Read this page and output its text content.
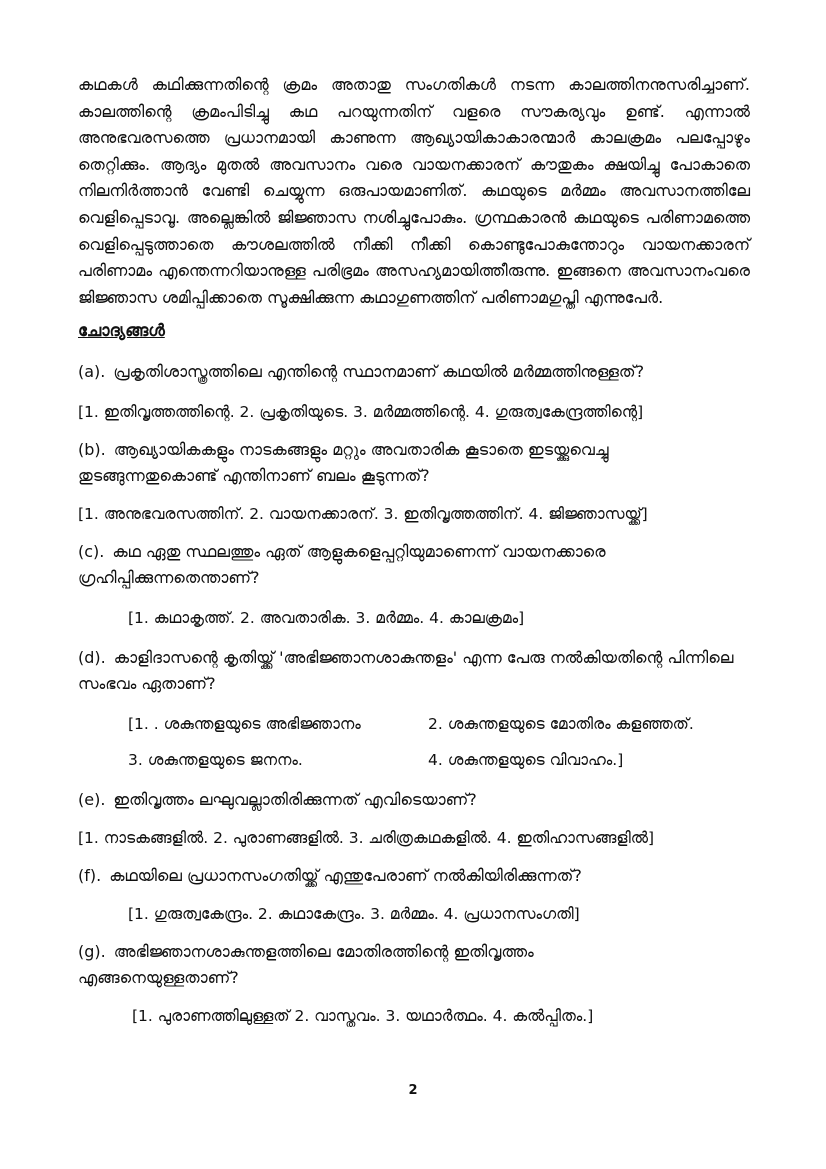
കഥകൾ കഥിക്കുന്നതിന്റെ ക്രമം അതാതു സംഗതികൾ നടന്ന കാലത്തിനനുസരിച്ചാണ്. കാലത്തിന്റെ ക്രമംപിടിച്ചു കഥ പറയുന്നതിന് വളരെ സൗകര്യവും ഉണ്ട്. എന്നാൽ അനുഭവരസത്തെ പ്രധാനമായി കാണുന്ന ആഖ്യായികാകാരന്മാർ കാലക്രമം പലപ്പോഴും തെറ്റിക്കും. ആദ്യം മുതൽ അവസാനം വരെ വായനക്കാരന് കൗതുകം ക്ഷയിച്ചു പോകാതെ നിലനിർത്താൻ വേണ്ടി ചെയ്യുന്ന ഒരുപായമാണിത്. കഥയുടെ മർമ്മം അവസാനത്തിലേ വെളിപ്പെടാവൂ. അല്ലെങ്കിൽ ജിജ്ഞാസ നശിച്ചുപോകും. ഗ്രന്ഥകാരൻ കഥയുടെ പരിണാമത്തെ വെളിപ്പെടുത്താതെ കൗശലത്തിൽ നീക്കി നീക്കി കൊണ്ടുപോകുന്തോറും വായനക്കാരന് പരിണാമം എന്തെന്നറിയാനുള്ള പരിഭ്രമം അസഹ്യമായിത്തീരുന്നു. ഇങ്ങനെ അവസാനംവരെ ജിജ്ഞാസ ശമിപ്പിക്കാതെ സൂക്ഷിക്കുന്ന കഥാഗുണത്തിന് പരിണാമഗുപ്തി എന്നുപേർ.

ചോദ്യങ്ങൾ

(a). പ്രകൃതിശാസ്ത്രത്തിലെ എന്തിന്റെ സ്ഥാനമാണ് കഥയിൽ മർമ്മത്തിനുള്ളത്?

[1. ഇതിവൃത്തത്തിന്റെ. 2. പ്രകൃതിയുടെ. 3. മർമ്മത്തിന്റെ. 4. ഗുരുത്വകേന്ദ്രത്തിന്റെ]

(b). ആഖ്യായികകളും നാടകങ്ങളും മറ്റും അവതാരിക കൂടാതെ ഇടയ്ക്കുവെച്ചു തുടങ്ങുന്നതുകൊണ്ട് എന്തിനാണ് ബലം കൂടുന്നത്?

[1. അനുഭവരസത്തിന്. 2. വായനക്കാരന്. 3. ഇതിവൃത്തത്തിന്. 4. ജിജ്ഞാസയ്ക്ക്]

(c). കഥ ഏതു സ്ഥലത്തും ഏത് ആളുകളെപ്പറ്റിയുമാണെന്ന് വായനക്കാരെ ഗ്രഹിപ്പിക്കുന്നതെന്താണ്?

[1. കഥാകൃത്ത്. 2. അവതാരിക. 3. മർമ്മം. 4. കാലക്രമം]

(d). കാളിദാസന്റെ കൃതിയ്ക്ക് 'അഭിജ്ഞാനശാകുന്തളം' എന്ന പേരു നൽകിയതിന്റെ പിന്നിലെ സംഭവം ഏതാണ്?

[1. . ശകുന്തളയുടെ അഭിജ്ഞാനം	2. ശകുന്തളയുടെ മോതിരം കളഞ്ഞത്.
3. ശകുന്തളയുടെ ജനനം.	4. ശകുന്തളയുടെ വിവാഹം.]

(e). ഇതിവൃത്തം ലഘുവല്ലാതിരിക്കുന്നത് എവിടെയാണ്?

[1. നാടകങ്ങളിൽ. 2. പുരാണങ്ങളിൽ. 3. ചരിത്രകഥകളിൽ. 4. ഇതിഹാസങ്ങളിൽ]

(f). കഥയിലെ പ്രധാനസംഗതിയ്ക്ക് എന്തുപേരാണ് നൽകിയിരിക്കുന്നത്?

[1. ഗുരുത്വകേന്ദ്രം. 2. കഥാകേന്ദ്രം. 3. മർമ്മം. 4. പ്രധാനസംഗതി]

(g). അഭിജ്ഞാനശാകുന്തളത്തിലെ മോതിരത്തിന്റെ ഇതിവൃത്തം എങ്ങനെയുള്ളതാണ്?

[1. പുരാണത്തിലുള്ളത് 2. വാസ്തവം. 3. യഥാർത്ഥം. 4. കൽപ്പിതം.]

2
